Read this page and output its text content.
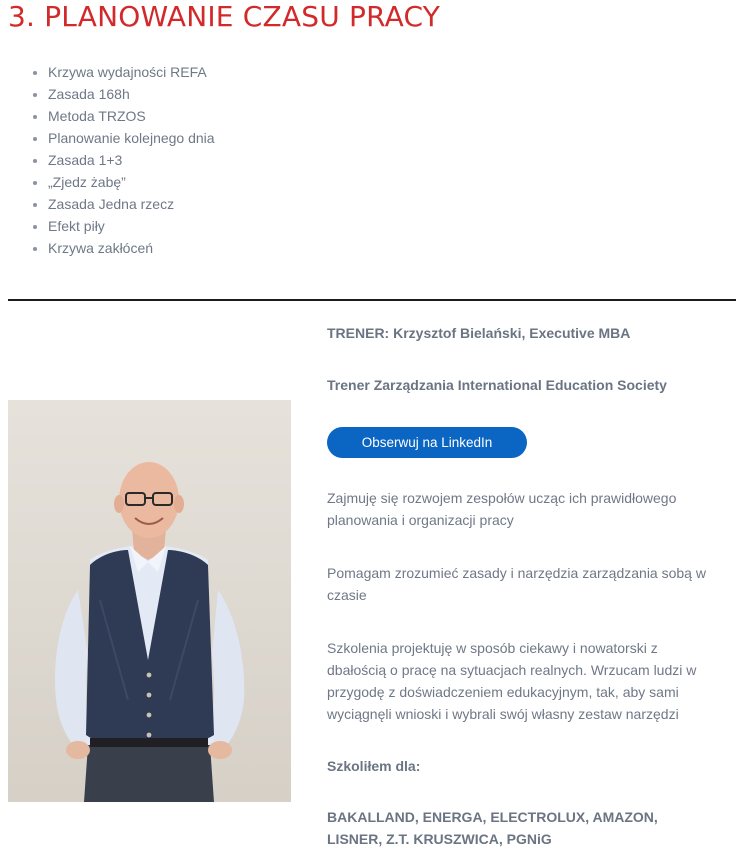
3. PLANOWANIE CZASU PRACY
• Krzywa wydajności REFA
• Zasada 168h
• Metoda TRZOS
• Planowanie kolejnego dnia
• Zasada 1+3
• „Zjedz żabę”
• Zasada Jedna rzecz
• Efekt piły
• Krzywa zakłóceń

TRENER: Krzysztof Bielański, Executive MBA

Trener Zarządzania International Education Society
Obserwuj na LinkedIn
Zajmuję się rozwojem zespołów ucząc ich prawidłowego planowania i organizacji pracy
Pomagam zrozumieć zasady i narzędzia zarządzania sobą w czasie
Szkolenia projektuję w sposób ciekawy i nowatorski z dbałością o pracę na sytuacjach realnych. Wrzucam ludzi w przygodę z doświadczeniem edukacyjnym, tak, aby sami wyciągnęli wnioski i wybrali swój własny zestaw narzędzi
Szkoliłem dla:
BAKALLAND, ENERGA, ELECTROLUX, AMAZON, LISNER, Z.T. KRUSZWICA, PGNiG
